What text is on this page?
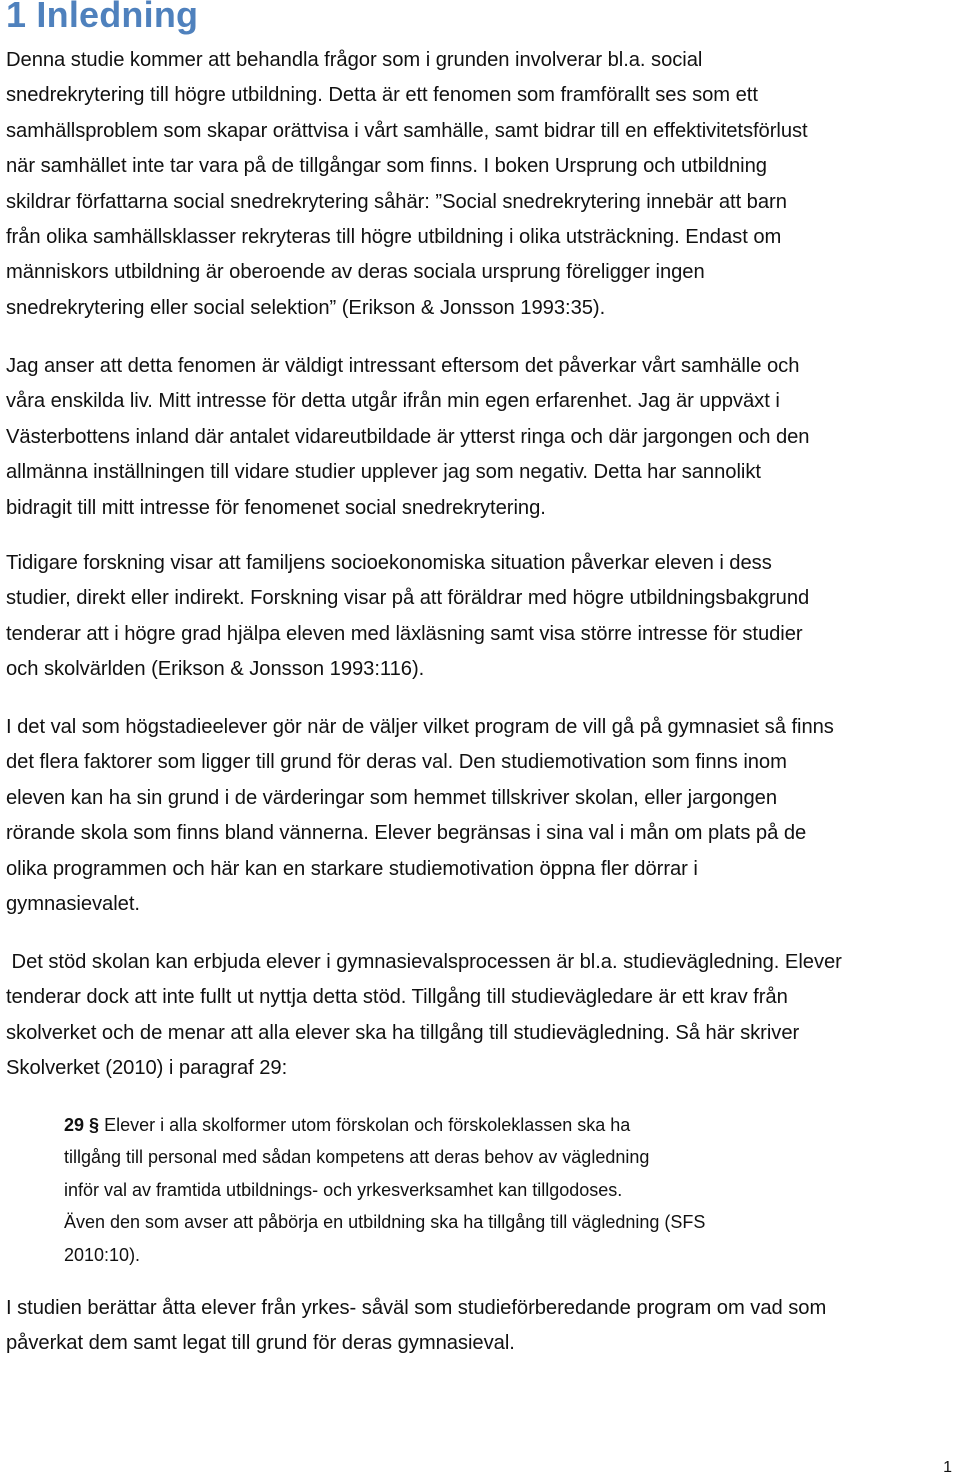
1 Inledning

Denna studie kommer att behandla frågor som i grunden involverar bl.a. social
snedrekrytering till högre utbildning. Detta är ett fenomen som framförallt ses som ett
samhällsproblem som skapar orättvisa i vårt samhälle, samt bidrar till en effektivitetsförlust
när samhället inte tar vara på de tillgångar som finns. I boken Ursprung och utbildning
skildrar författarna social snedrekrytering såhär: ”Social snedrekrytering innebär att barn
från olika samhällsklasser rekryteras till högre utbildning i olika utsträckning. Endast om
människors utbildning är oberoende av deras sociala ursprung föreligger ingen
snedrekrytering eller social selektion” (Erikson & Jonsson 1993:35).

Jag anser att detta fenomen är väldigt intressant eftersom det påverkar vårt samhälle och
våra enskilda liv. Mitt intresse för detta utgår ifrån min egen erfarenhet. Jag är uppväxt i
Västerbottens inland där antalet vidareutbildade är ytterst ringa och där jargongen och den
allmänna inställningen till vidare studier upplever jag som negativ. Detta har sannolikt
bidragit till mitt intresse för fenomenet social snedrekrytering.

Tidigare forskning visar att familjens socioekonomiska situation påverkar eleven i dess
studier, direkt eller indirekt. Forskning visar på att föräldrar med högre utbildningsbakgrund
tenderar att i högre grad hjälpa eleven med läxläsning samt visa större intresse för studier
och skolvärlden (Erikson & Jonsson 1993:116).

I det val som högstadieelever gör när de väljer vilket program de vill gå på gymnasiet så finns
det flera faktorer som ligger till grund för deras val. Den studiemotivation som finns inom
eleven kan ha sin grund i de värderingar som hemmet tillskriver skolan, eller jargongen
rörande skola som finns bland vännerna. Elever begränsas i sina val i mån om plats på de
olika programmen och här kan en starkare studiemotivation öppna fler dörrar i
gymnasievalet.

Det stöd skolan kan erbjuda elever i gymnasievalsprocessen är bl.a. studievägledning. Elever
tenderar dock att inte fullt ut nyttja detta stöd. Tillgång till studievägledare är ett krav från
skolverket och de menar att alla elever ska ha tillgång till studievägledning. Så här skriver
Skolverket (2010) i paragraf 29:

29 § Elever i alla skolformer utom förskolan och förskoleklassen ska ha
tillgång till personal med sådan kompetens att deras behov av vägledning
inför val av framtida utbildnings- och yrkesverksamhet kan tillgodoses.
Även den som avser att påbörja en utbildning ska ha tillgång till vägledning (SFS
2010:10).

I studien berättar åtta elever från yrkes- såväl som studieförberedande program om vad som
påverkat dem samt legat till grund för deras gymnasieval.

1
